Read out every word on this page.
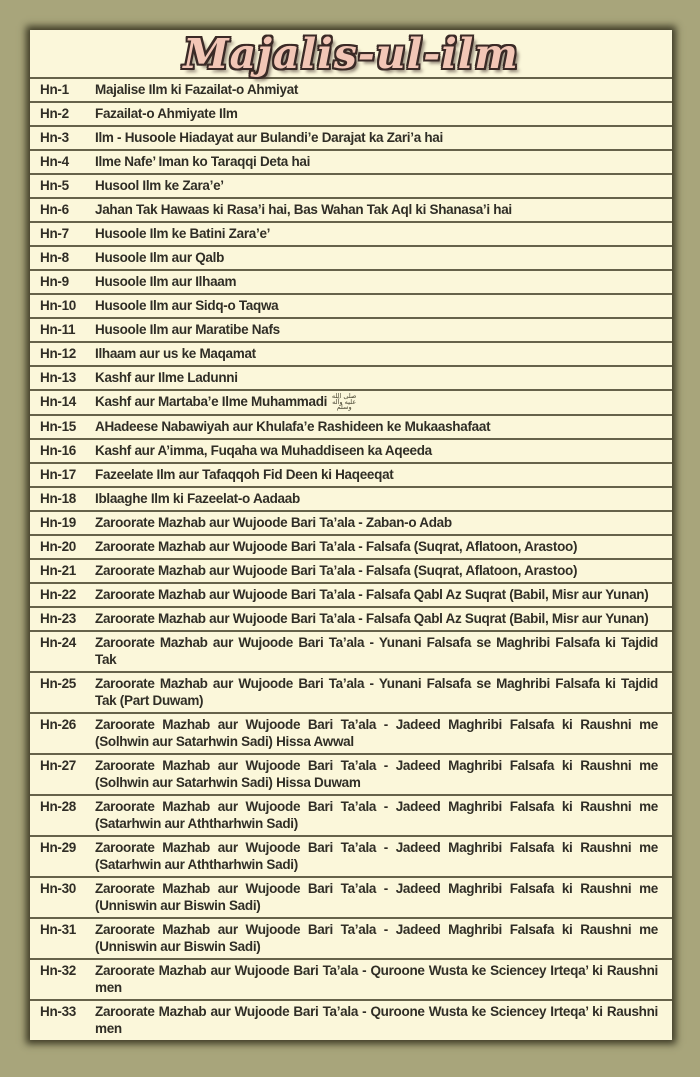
Majalis-ul-ilm
Hn-1	Majalise Ilm ki Fazailat-o Ahmiyat
Hn-2	Fazailat-o Ahmiyate Ilm
Hn-3	Ilm - Husoole Hiadayat aur Bulandi’e Darajat ka Zari’a hai
Hn-4	Ilme Nafe’ Iman ko Taraqqi Deta hai
Hn-5	Husool Ilm ke Zara’e’
Hn-6	Jahan Tak Hawaas ki Rasa’i hai, Bas Wahan Tak Aql ki Shanasa’i hai
Hn-7	Husoole Ilm ke Batini Zara’e’
Hn-8	Husoole Ilm aur Qalb
Hn-9	Husoole Ilm aur Ilhaam
Hn-10	Husoole Ilm aur Sidq-o Taqwa
Hn-11	Husoole Ilm aur Maratibe Nafs
Hn-12	Ilhaam aur us ke Maqamat
Hn-13	Kashf aur Ilme Ladunni
Hn-14	Kashf aur Martaba’e Ilme Muhammadi صلى الله عليه وآله وسلم
Hn-15	AHadeese Nabawiyah aur Khulafa’e Rashideen ke Mukaashafaat
Hn-16	Kashf aur A’imma, Fuqaha wa Muhaddiseen ka Aqeeda
Hn-17	Fazeelate Ilm aur Tafaqqoh Fid Deen ki Haqeeqat
Hn-18	Iblaaghe Ilm ki Fazeelat-o Aadaab
Hn-19	Zaroorate Mazhab aur Wujoode Bari Ta’ala - Zaban-o Adab
Hn-20	Zaroorate Mazhab aur Wujoode Bari Ta’ala - Falsafa (Suqrat, Aflatoon, Arastoo)
Hn-21	Zaroorate Mazhab aur Wujoode Bari Ta’ala - Falsafa (Suqrat, Aflatoon, Arastoo)
Hn-22	Zaroorate Mazhab aur Wujoode Bari Ta’ala - Falsafa Qabl Az Suqrat (Babil, Misr aur Yunan)
Hn-23	Zaroorate Mazhab aur Wujoode Bari Ta’ala - Falsafa Qabl Az Suqrat (Babil, Misr aur Yunan)
Hn-24	Zaroorate Mazhab aur Wujoode Bari Ta’ala - Yunani Falsafa se Maghribi Falsafa ki Tajdid Tak
Hn-25	Zaroorate Mazhab aur Wujoode Bari Ta’ala - Yunani Falsafa se Maghribi Falsafa ki Tajdid Tak (Part Duwam)
Hn-26	Zaroorate Mazhab aur Wujoode Bari Ta’ala - Jadeed Maghribi Falsafa ki Raushni me (Solhwin aur Satarhwin Sadi) Hissa Awwal
Hn-27	Zaroorate Mazhab aur Wujoode Bari Ta’ala - Jadeed Maghribi Falsafa ki Raushni me (Solhwin aur Satarhwin Sadi) Hissa Duwam
Hn-28	Zaroorate Mazhab aur Wujoode Bari Ta’ala - Jadeed Maghribi Falsafa ki Raushni me (Satarhwin aur Aththarhwin Sadi)
Hn-29	Zaroorate Mazhab aur Wujoode Bari Ta’ala - Jadeed Maghribi Falsafa ki Raushni me (Satarhwin aur Aththarhwin Sadi)
Hn-30	Zaroorate Mazhab aur Wujoode Bari Ta’ala - Jadeed Maghribi Falsafa ki Raushni me (Unniswin aur Biswin Sadi)
Hn-31	Zaroorate Mazhab aur Wujoode Bari Ta’ala - Jadeed Maghribi Falsafa ki Raushni me (Unniswin aur Biswin Sadi)
Hn-32	Zaroorate Mazhab aur Wujoode Bari Ta’ala - Quroone Wusta ke Sciencey Irteqa’ ki Raushni men
Hn-33	Zaroorate Mazhab aur Wujoode Bari Ta’ala - Quroone Wusta ke Sciencey Irteqa’ ki Raushni men
